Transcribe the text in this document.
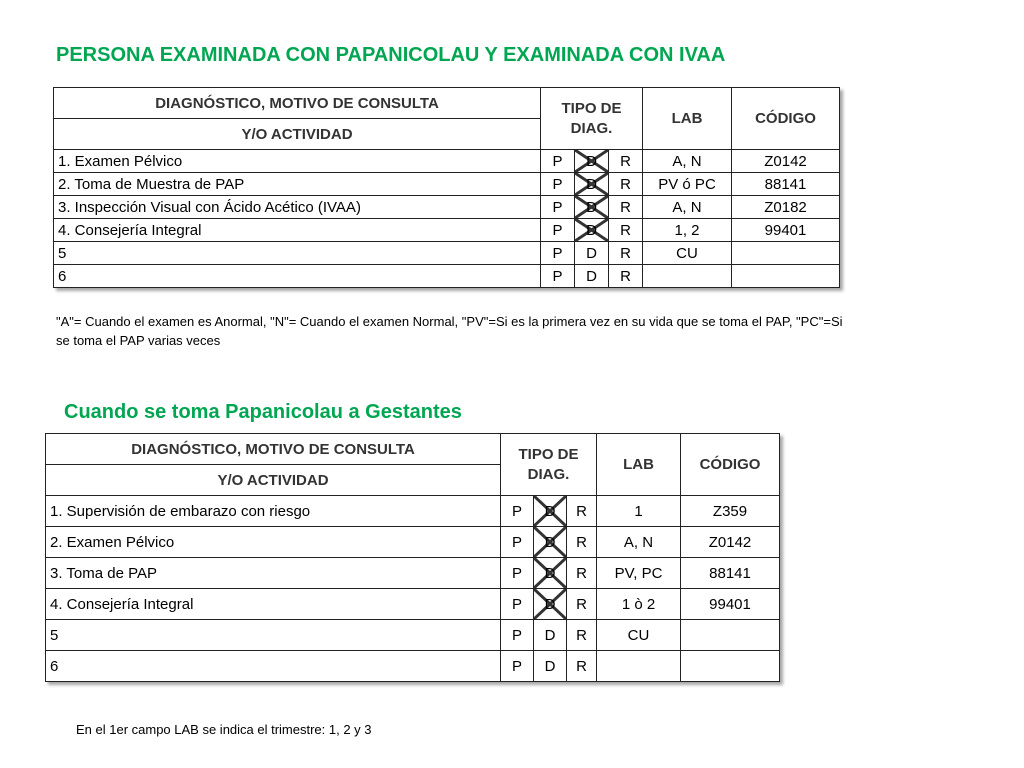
PERSONA EXAMINADA CON PAPANICOLAU Y EXAMINADA CON IVAA
DIAGNÓSTICO, MOTIVO DE CONSULTA	TIPO DE DIAG.			LAB	CÓDIGO
Y/O ACTIVIDAD					
1. Examen Pélvico	P	D	R	A, N	Z0142
2. Toma de Muestra de PAP	P	D	R	PV ó PC	88141
3. Inspección Visual con Ácido Acético (IVAA)	P	D	R	A, N	Z0182
4. Consejería Integral	P	D	R	1, 2	99401
5	P	D	R	CU	
6	P	D	R		

"A"= Cuando el examen es Anormal, "N"= Cuando el examen Normal, "PV"=Si es la primera vez en su vida que se toma el PAP, "PC"=Si se toma el PAP varias veces

Cuando se toma Papanicolau a Gestantes
DIAGNÓSTICO, MOTIVO DE CONSULTA	TIPO DE DIAG.			LAB	CÓDIGO
Y/O ACTIVIDAD					
1. Supervisión de embarazo con riesgo	P	D	R	1	Z359
2. Examen Pélvico	P	D	R	A, N	Z0142
3. Toma de PAP	P	D	R	PV, PC	88141
4. Consejería Integral	P	D	R	1 ò 2	99401
5	P	D	R	CU	
6	P	D	R		

En el 1er campo LAB se indica el trimestre: 1, 2 y 3
